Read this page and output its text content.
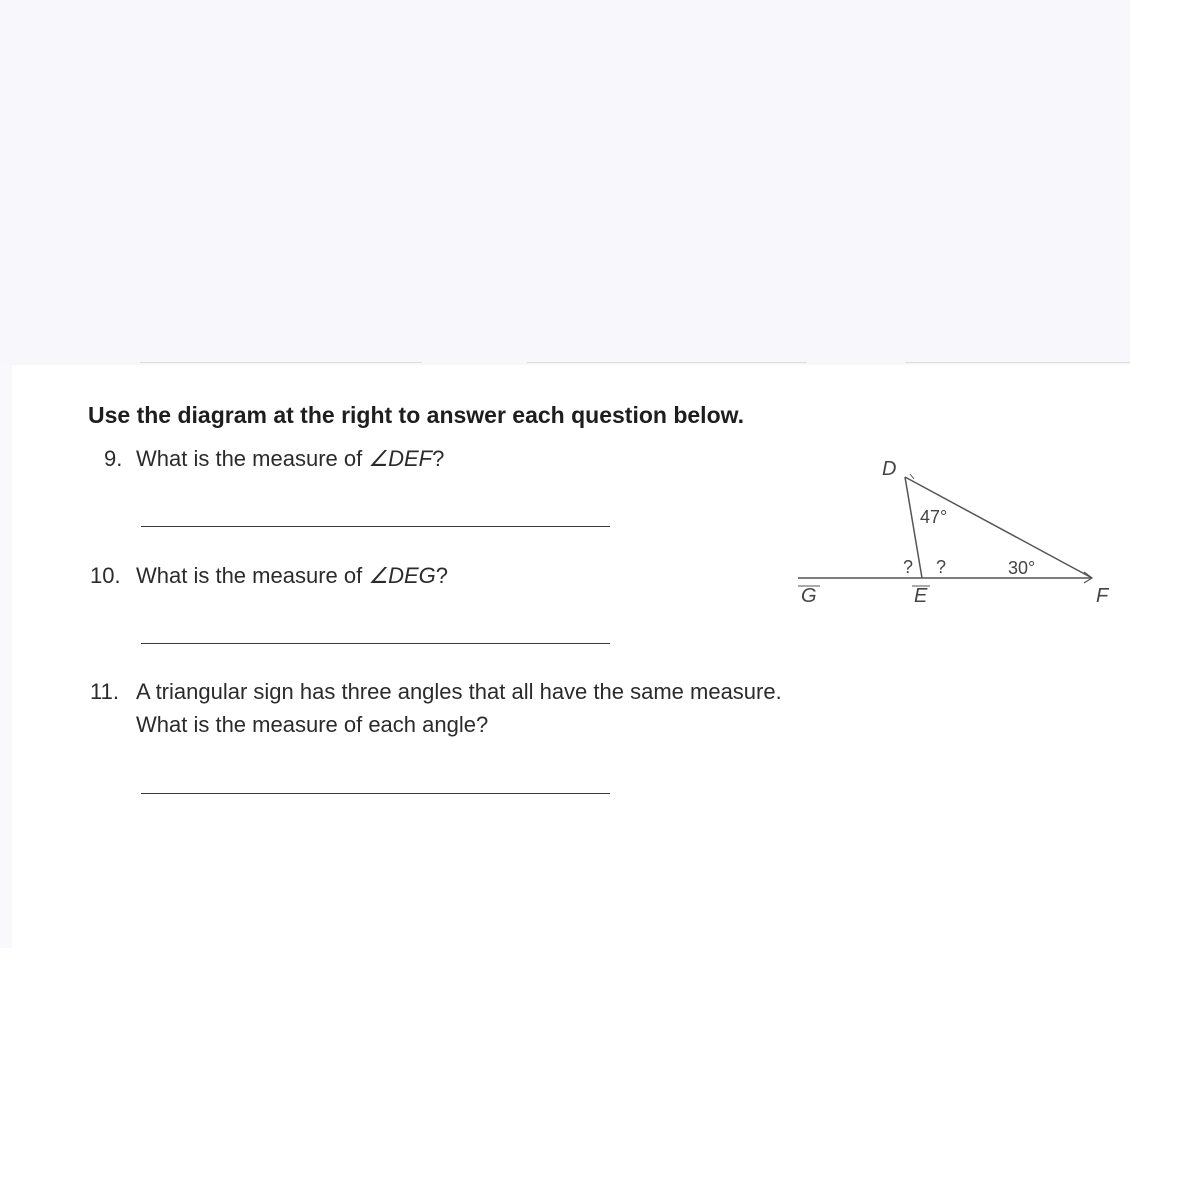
Use the diagram at the right to answer each question below.
9. What is the measure of ∠DEF?
10. What is the measure of ∠DEG?
11. A triangular sign has three angles that all have the same measure.
What is the measure of each angle?
D
E	F
G
47°
30°
? ?
